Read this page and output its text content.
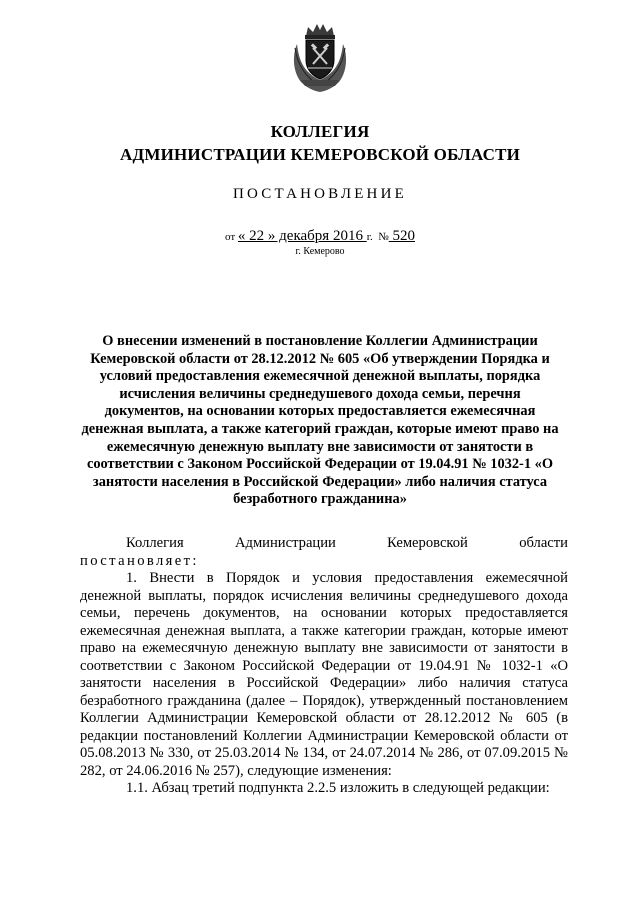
КОЛЛЕГИЯ
АДМИНИСТРАЦИИ КЕМЕРОВСКОЙ ОБЛАСТИ
ПОСТАНОВЛЕНИЕ
от « 22 » декабря 2016 г. № 520
г. Кемерово
О внесении изменений в постановление Коллегии Администрации Кемеровской области от 28.12.2012 № 605 «Об утверждении Порядка и условий предоставления ежемесячной денежной выплаты, порядка исчисления величины среднедушевого дохода семьи, перечня документов, на основании которых предоставляется ежемесячная денежная выплата, а также категорий граждан, которые имеют право на ежемесячную денежную выплату вне зависимости от занятости в соответствии с Законом Российской Федерации от 19.04.91 № 1032-1 «О занятости населения в Российской Федерации» либо наличия статуса безработного гражданина»
Коллегия	Администрации	Кемеровской	области

постановляет:

1. Внести в Порядок и условия предоставления ежемесячной денежной выплаты, порядок исчисления величины среднедушевого дохода семьи, перечень документов, на основании которых предоставляется ежемесячная денежная выплата, а также категории граждан, которые имеют право на ежемесячную денежную выплату вне зависимости от занятости в соответствии с Законом Российской Федерации от 19.04.91 № 1032-1 «О занятости населения в Российской Федерации» либо наличия статуса безработного гражданина (далее – Порядок), утвержденный постановлением Коллегии Администрации Кемеровской области от 28.12.2012 № 605 (в редакции постановлений Коллегии Администрации Кемеровской области от 05.08.2013 № 330, от 25.03.2014 № 134, от 24.07.2014 № 286, от 07.09.2015 № 282, от 24.06.2016 № 257), следующие изменения:

1.1. Абзац третий подпункта 2.2.5 изложить в следующей редакции:
